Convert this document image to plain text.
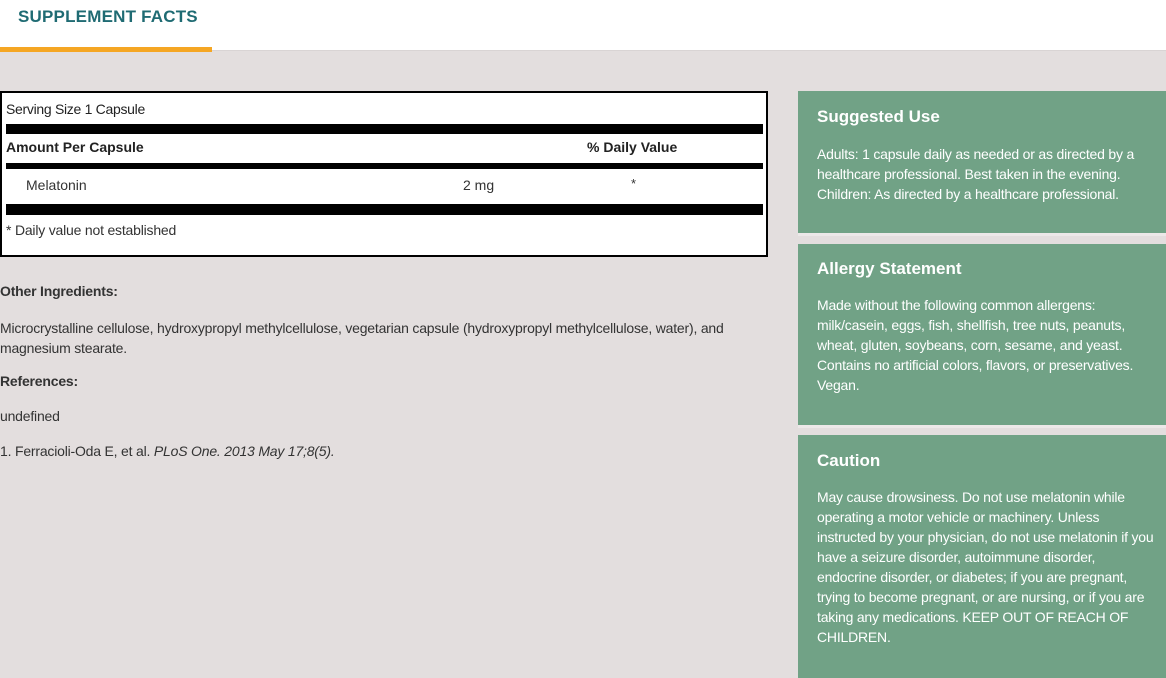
SUPPLEMENT FACTS
Serving Size 1 Capsule
Amount Per Capsule	% Daily Value
Melatonin	2 mg	*
* Daily value not established
Other Ingredients:
Microcrystalline cellulose, hydroxypropyl methylcellulose, vegetarian capsule (hydroxypropyl methylcellulose, water), and magnesium stearate.
References:
undefined
1. Ferracioli-Oda E, et al. PLoS One. 2013 May 17;8(5).
Suggested Use
Adults: 1 capsule daily as needed or as directed by a healthcare professional. Best taken in the evening. Children: As directed by a healthcare professional.
Allergy Statement
Made without the following common allergens: milk/casein, eggs, fish, shellfish, tree nuts, peanuts, wheat, gluten, soybeans, corn, sesame, and yeast. Contains no artificial colors, flavors, or preservatives. Vegan.
Caution
May cause drowsiness. Do not use melatonin while operating a motor vehicle or machinery. Unless instructed by your physician, do not use melatonin if you have a seizure disorder, autoimmune disorder, endocrine disorder, or diabetes; if you are pregnant, trying to become pregnant, or are nursing, or if you are taking any medications. KEEP OUT OF REACH OF CHILDREN.
